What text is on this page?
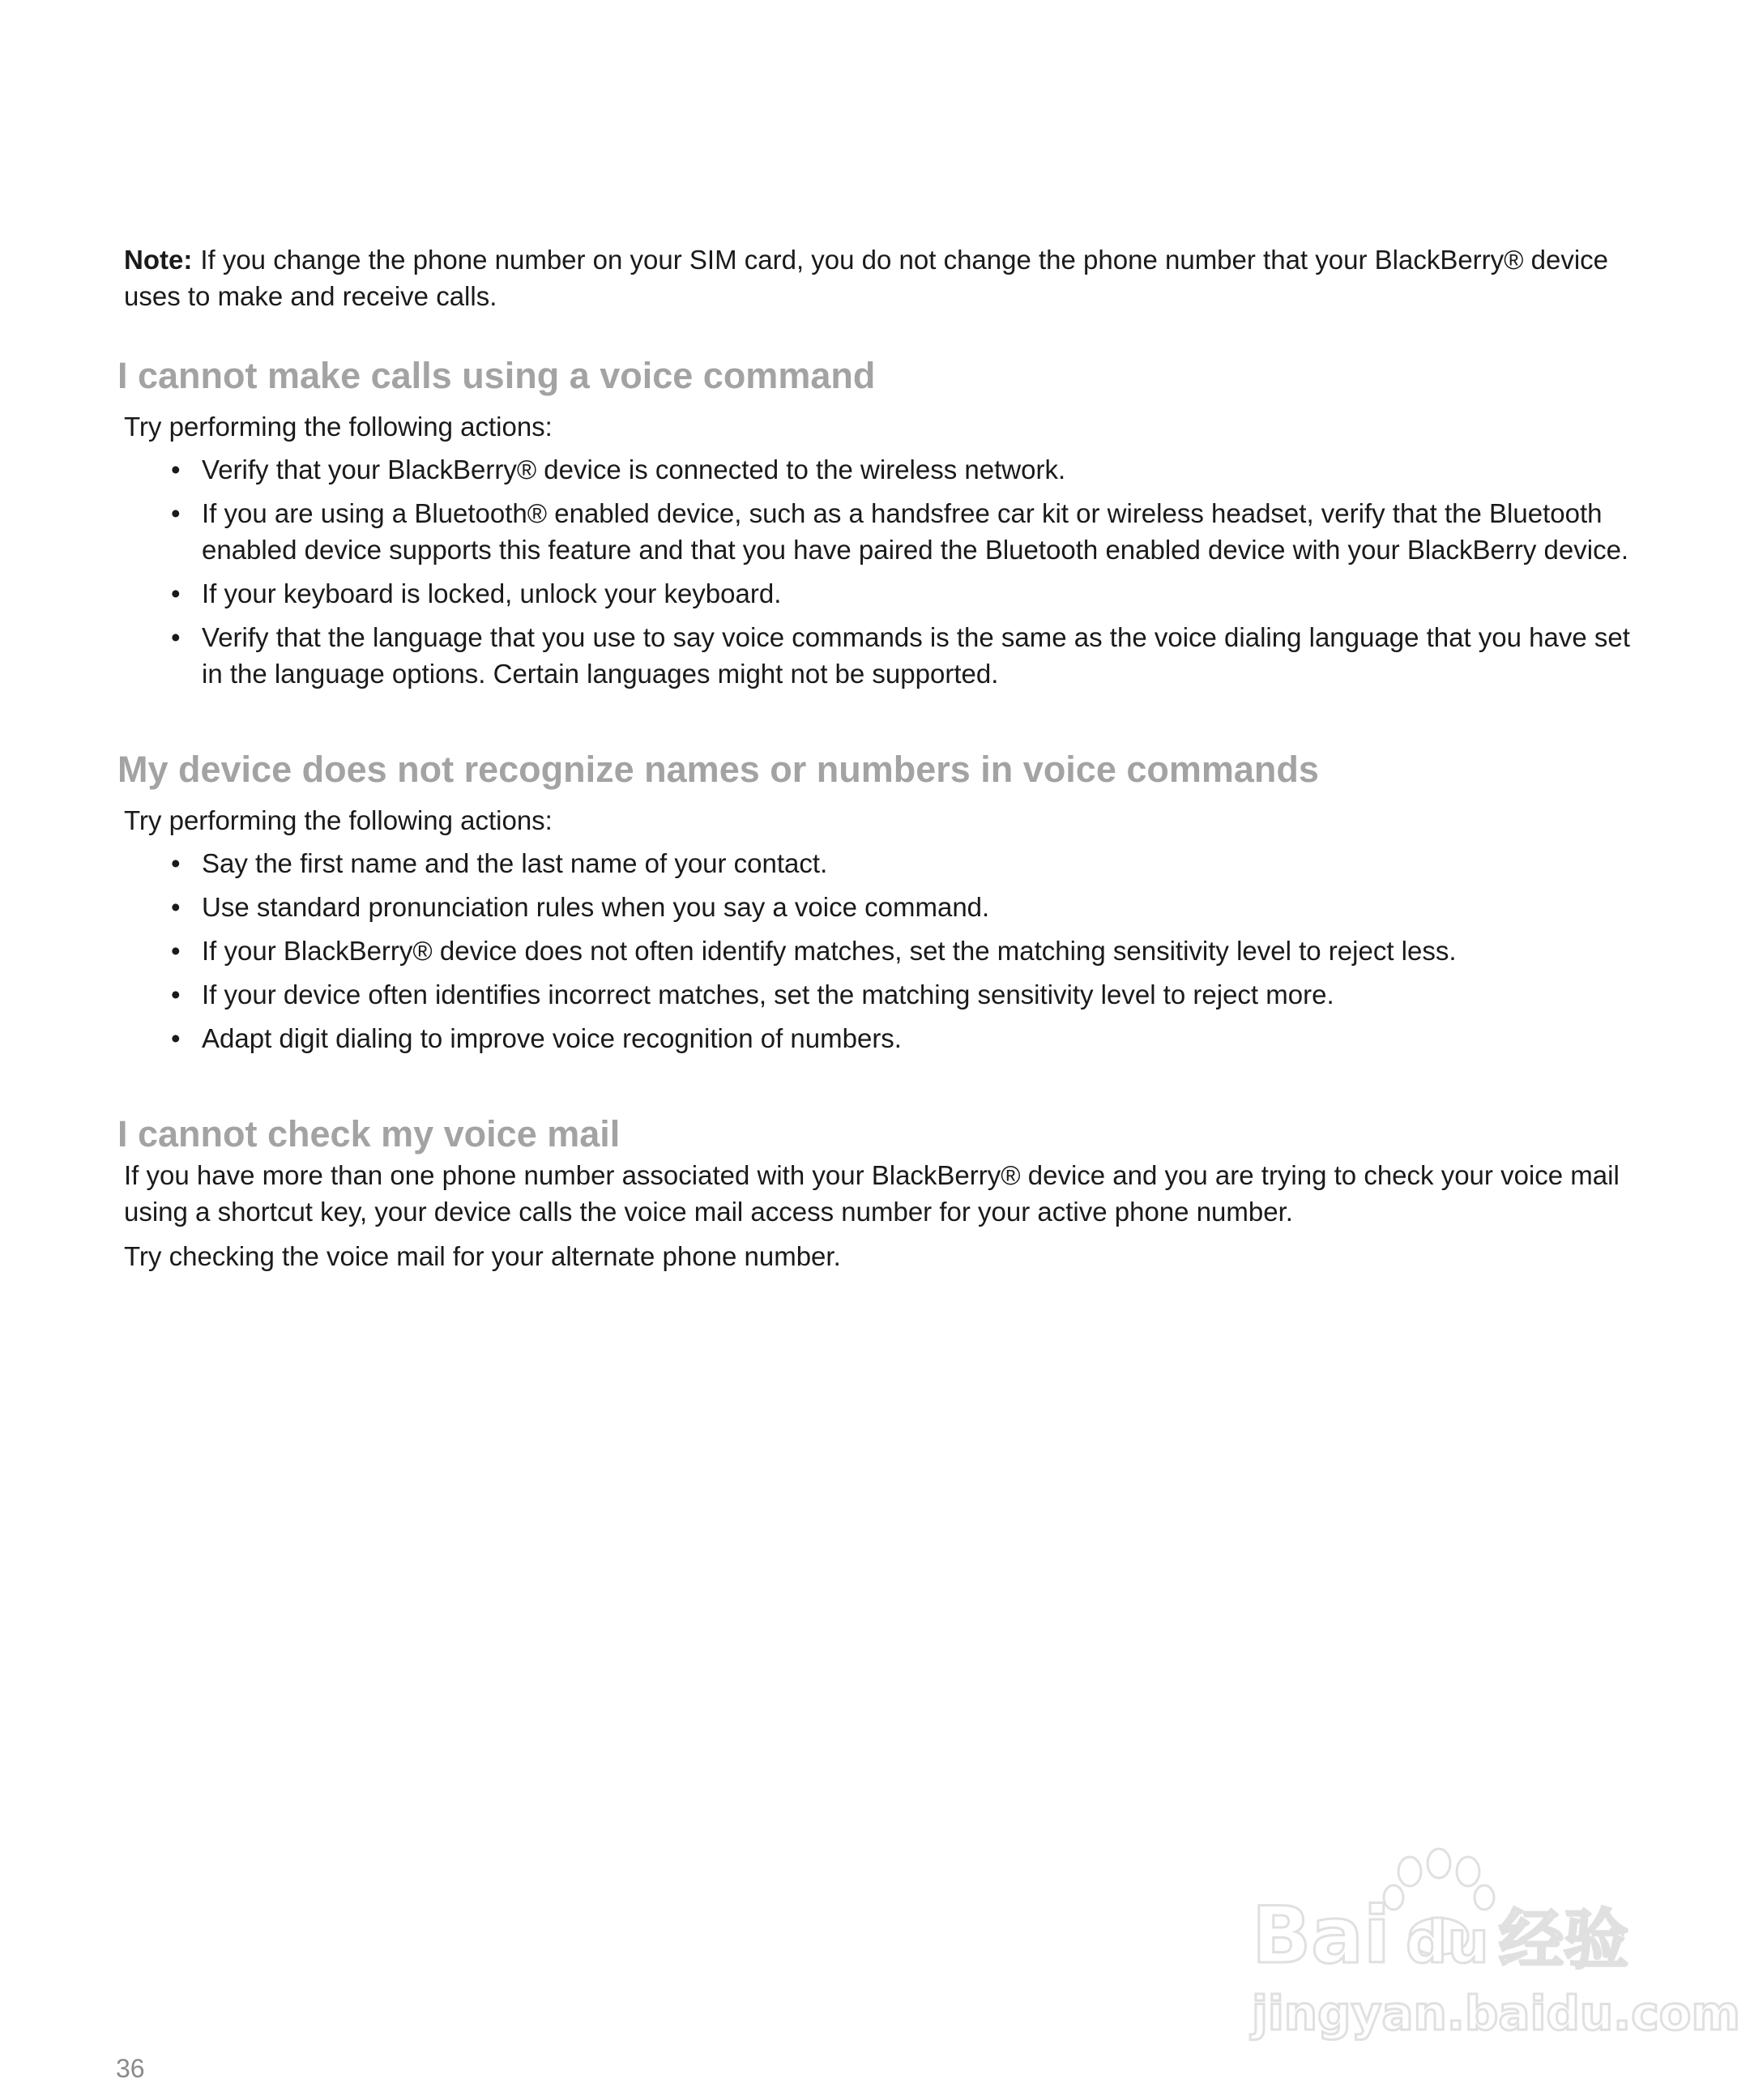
Note: If you change the phone number on your SIM card, you do not change the phone number that your BlackBerry® device uses to make and receive calls.

I cannot make calls using a voice command

Try performing the following actions:

• Verify that your BlackBerry® device is connected to the wireless network.
• If you are using a Bluetooth® enabled device, such as a handsfree car kit or wireless headset, verify that the Bluetooth enabled device supports this feature and that you have paired the Bluetooth enabled device with your BlackBerry device.
• If your keyboard is locked, unlock your keyboard.
• Verify that the language that you use to say voice commands is the same as the voice dialing language that you have set in the language options. Certain languages might not be supported.
My device does not recognize names or numbers in voice commands

Try performing the following actions:

• Say the first name and the last name of your contact.
• Use standard pronunciation rules when you say a voice command.
• If your BlackBerry® device does not often identify matches, set the matching sensitivity level to reject less.
• If your device often identifies incorrect matches, set the matching sensitivity level to reject more.
• Adapt digit dialing to improve voice recognition of numbers.
I cannot check my voice mail

If you have more than one phone number associated with your BlackBerry® device and you are trying to check your voice mail using a shortcut key, your device calls the voice mail access number for your active phone number.

Try checking the voice mail for your alternate phone number.

Bai du 经验
jingyan.baidu.com
36
